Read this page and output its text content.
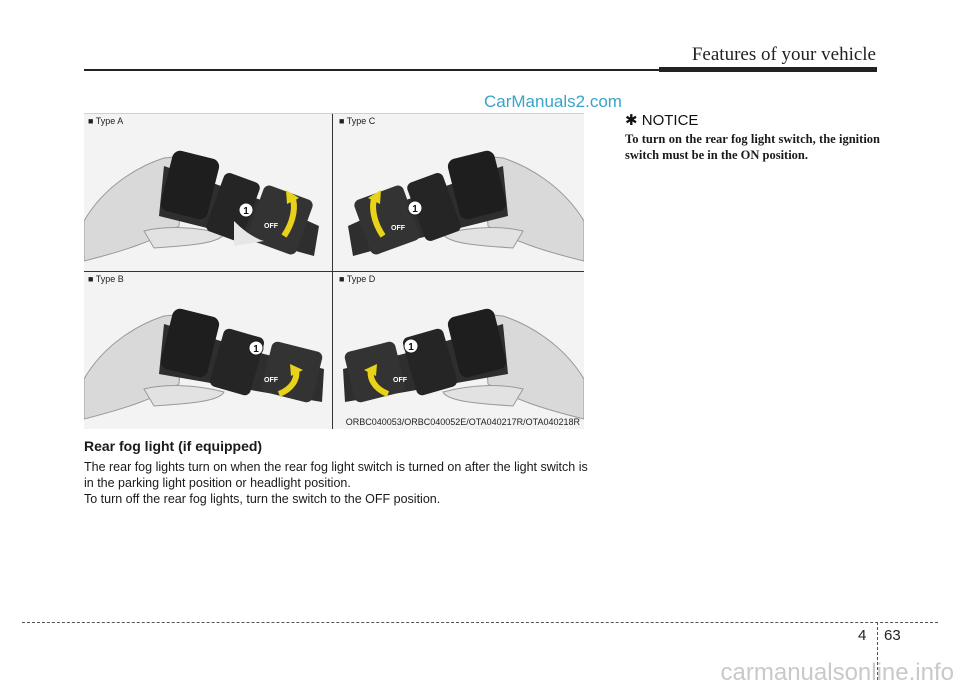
Features of your vehicle
CarManuals2.com
■ Type A	■ Type C
■ Type B	■ Type D
1
OFF
1
OFF
1
OFF
1
OFF
ORBC040053/ORBC040052E/OTA040217R/OTA040218R
Rear fog light (if equipped)
The rear fog lights turn on when the rear fog light switch is turned on after the light switch is in the parking light position or headlight position.
To turn off the rear fog lights, turn the switch to the OFF position.
✱ NOTICE
To turn on the rear fog light switch, the ignition switch must be in the ON position.
4 63
carmanualsonline.info
